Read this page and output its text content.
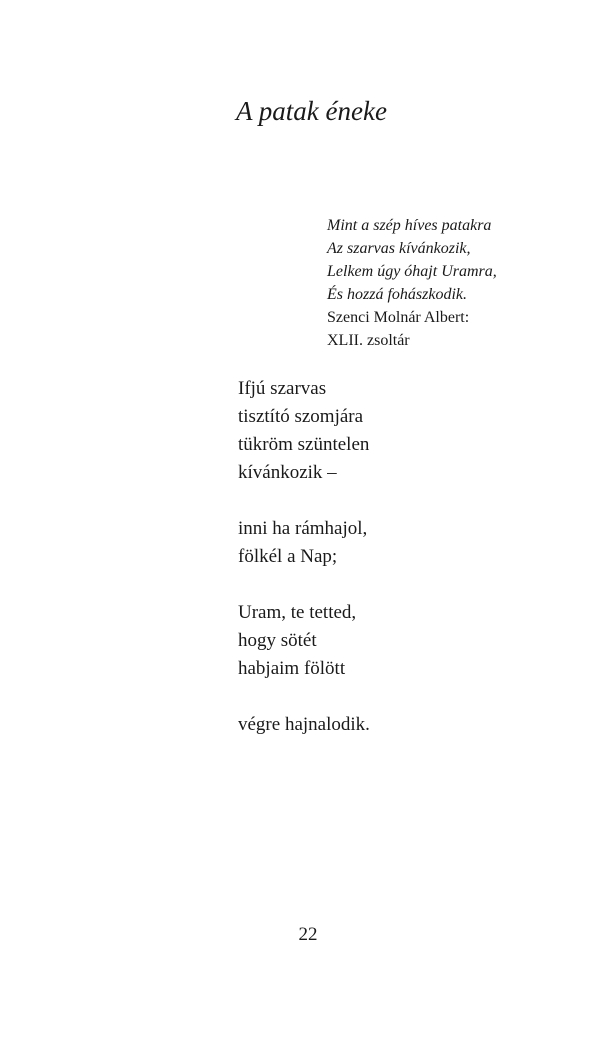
A patak éneke
Mint a szép híves patakra
Az szarvas kívánkozik,
Lelkem úgy óhajt Uramra,
És hozzá fohászkodik.
Szenci Molnár Albert:
XLII. zsoltár
Ifjú szarvas
tisztító szomjára
tükröm szüntelen
kívánkozik –
inni ha rámhajol,
fölkél a Nap;
Uram, te tetted,
hogy sötét
habjaim fölött
végre hajnalodik.
22
